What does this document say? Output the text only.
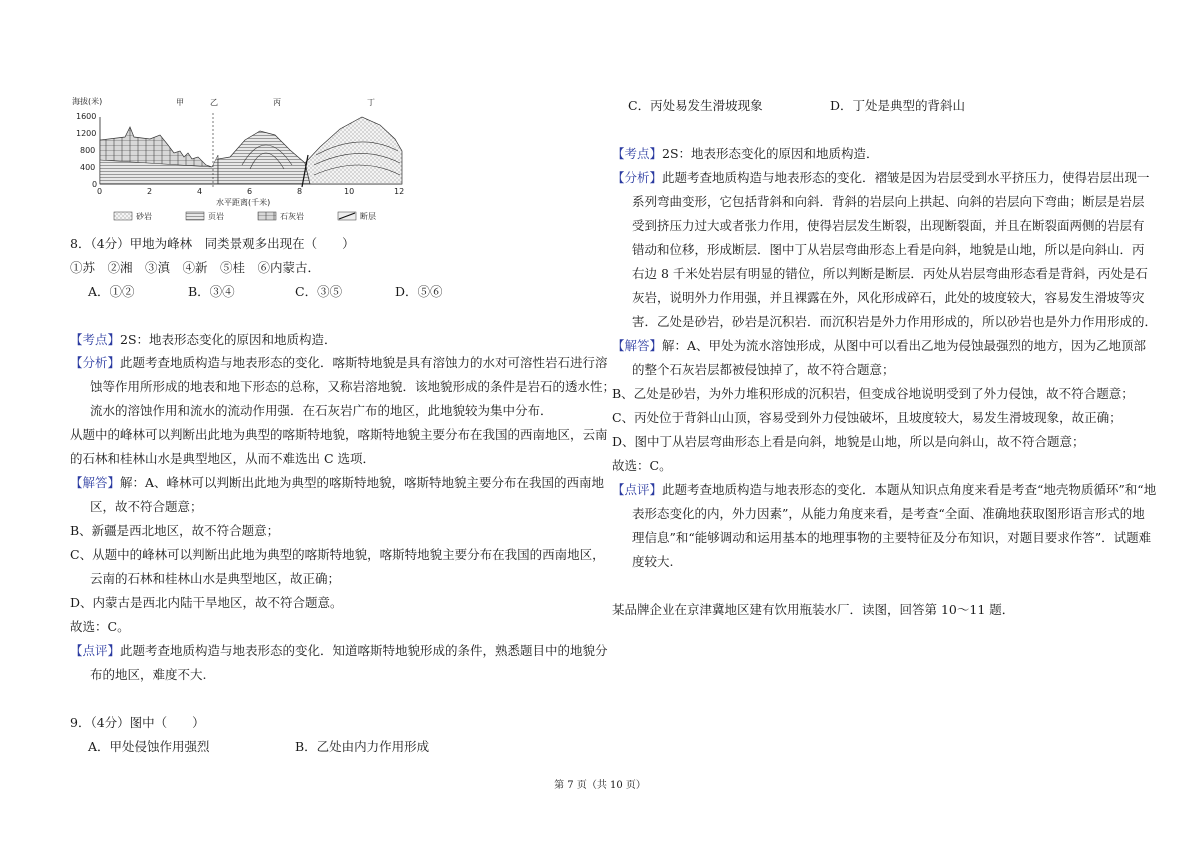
海拔(米)
1600
1200
800
400
0
甲	乙	丙	丁
0	2	4	6	8	10	12
水平距离(千米)
砂岩	页岩	石灰岩	断层
8．（4分）甲地为峰林　同类景观多出现在（　　）
①苏　②湘　③滇　④新　⑤桂　⑥内蒙古．
A．①②	B．③④	C．③⑤	D．⑤⑥
【考点】2S：地表形态变化的原因和地质构造．
【分析】此题考查地质构造与地表形态的变化．喀斯特地貌是具有溶蚀力的水对可溶性岩石进行溶
蚀等作用所形成的地表和地下形态的总称，又称岩溶地貌．该地貌形成的条件是岩石的透水性；
流水的溶蚀作用和流水的流动作用强．在石灰岩广布的地区，此地貌较为集中分布．
从题中的峰林可以判断出此地为典型的喀斯特地貌，喀斯特地貌主要分布在我国的西南地区，云南
的石林和桂林山水是典型地区，从而不难选出 C 选项．
【解答】解：A、峰林可以判断出此地为典型的喀斯特地貌，喀斯特地貌主要分布在我国的西南地
区，故不符合题意；
B、新疆是西北地区，故不符合题意；
C、从题中的峰林可以判断出此地为典型的喀斯特地貌，喀斯特地貌主要分布在我国的西南地区，
云南的石林和桂林山水是典型地区，故正确；
D、内蒙古是西北内陆干旱地区，故不符合题意。
故选：C。
【点评】此题考查地质构造与地表形态的变化．知道喀斯特地貌形成的条件，熟悉题目中的地貌分
布的地区，难度不大.
9．（4分）图中（　　）
A．甲处侵蚀作用强烈	B．乙处由内力作用形成
C．丙处易发生滑坡现象	D．丁处是典型的背斜山
【考点】2S：地表形态变化的原因和地质构造．
【分析】此题考查地质构造与地表形态的变化．褶皱是因为岩层受到水平挤压力，使得岩层出现一
系列弯曲变形，它包括背斜和向斜．背斜的岩层向上拱起、向斜的岩层向下弯曲；断层是岩层
受到挤压力过大或者张力作用，使得岩层发生断裂，出现断裂面，并且在断裂面两侧的岩层有
错动和位移，形成断层．图中丁从岩层弯曲形态上看是向斜，地貌是山地，所以是向斜山．丙
右边 8 千米处岩层有明显的错位，所以判断是断层．丙处从岩层弯曲形态看是背斜，丙处是石
灰岩，说明外力作用强，并且裸露在外，风化形成碎石，此处的坡度较大，容易发生滑坡等灾
害．乙处是砂岩，砂岩是沉积岩．而沉积岩是外力作用形成的，所以砂岩也是外力作用形成的．
【解答】解：A、甲处为流水溶蚀形成，从图中可以看出乙地为侵蚀最强烈的地方，因为乙地顶部
的整个石灰岩层都被侵蚀掉了，故不符合题意；
B、乙处是砂岩，为外力堆积形成的沉积岩，但变成谷地说明受到了外力侵蚀，故不符合题意；
C、丙处位于背斜山山顶，容易受到外力侵蚀破坏，且坡度较大，易发生滑坡现象，故正确；
D、图中丁从岩层弯曲形态上看是向斜，地貌是山地，所以是向斜山，故不符合题意；
故选：C。
【点评】此题考查地质构造与地表形态的变化．本题从知识点角度来看是考查“地壳物质循环”和“地
表形态变化的内，外力因素”，从能力角度来看，是考查“全面、准确地获取图形语言形式的地
理信息”和“能够调动和运用基本的地理事物的主要特征及分布知识，对题目要求作答”．试题难
度较大.
某品牌企业在京津冀地区建有饮用瓶装水厂．读图，回答第 10～11 题．
第 7 页（共 10 页）
